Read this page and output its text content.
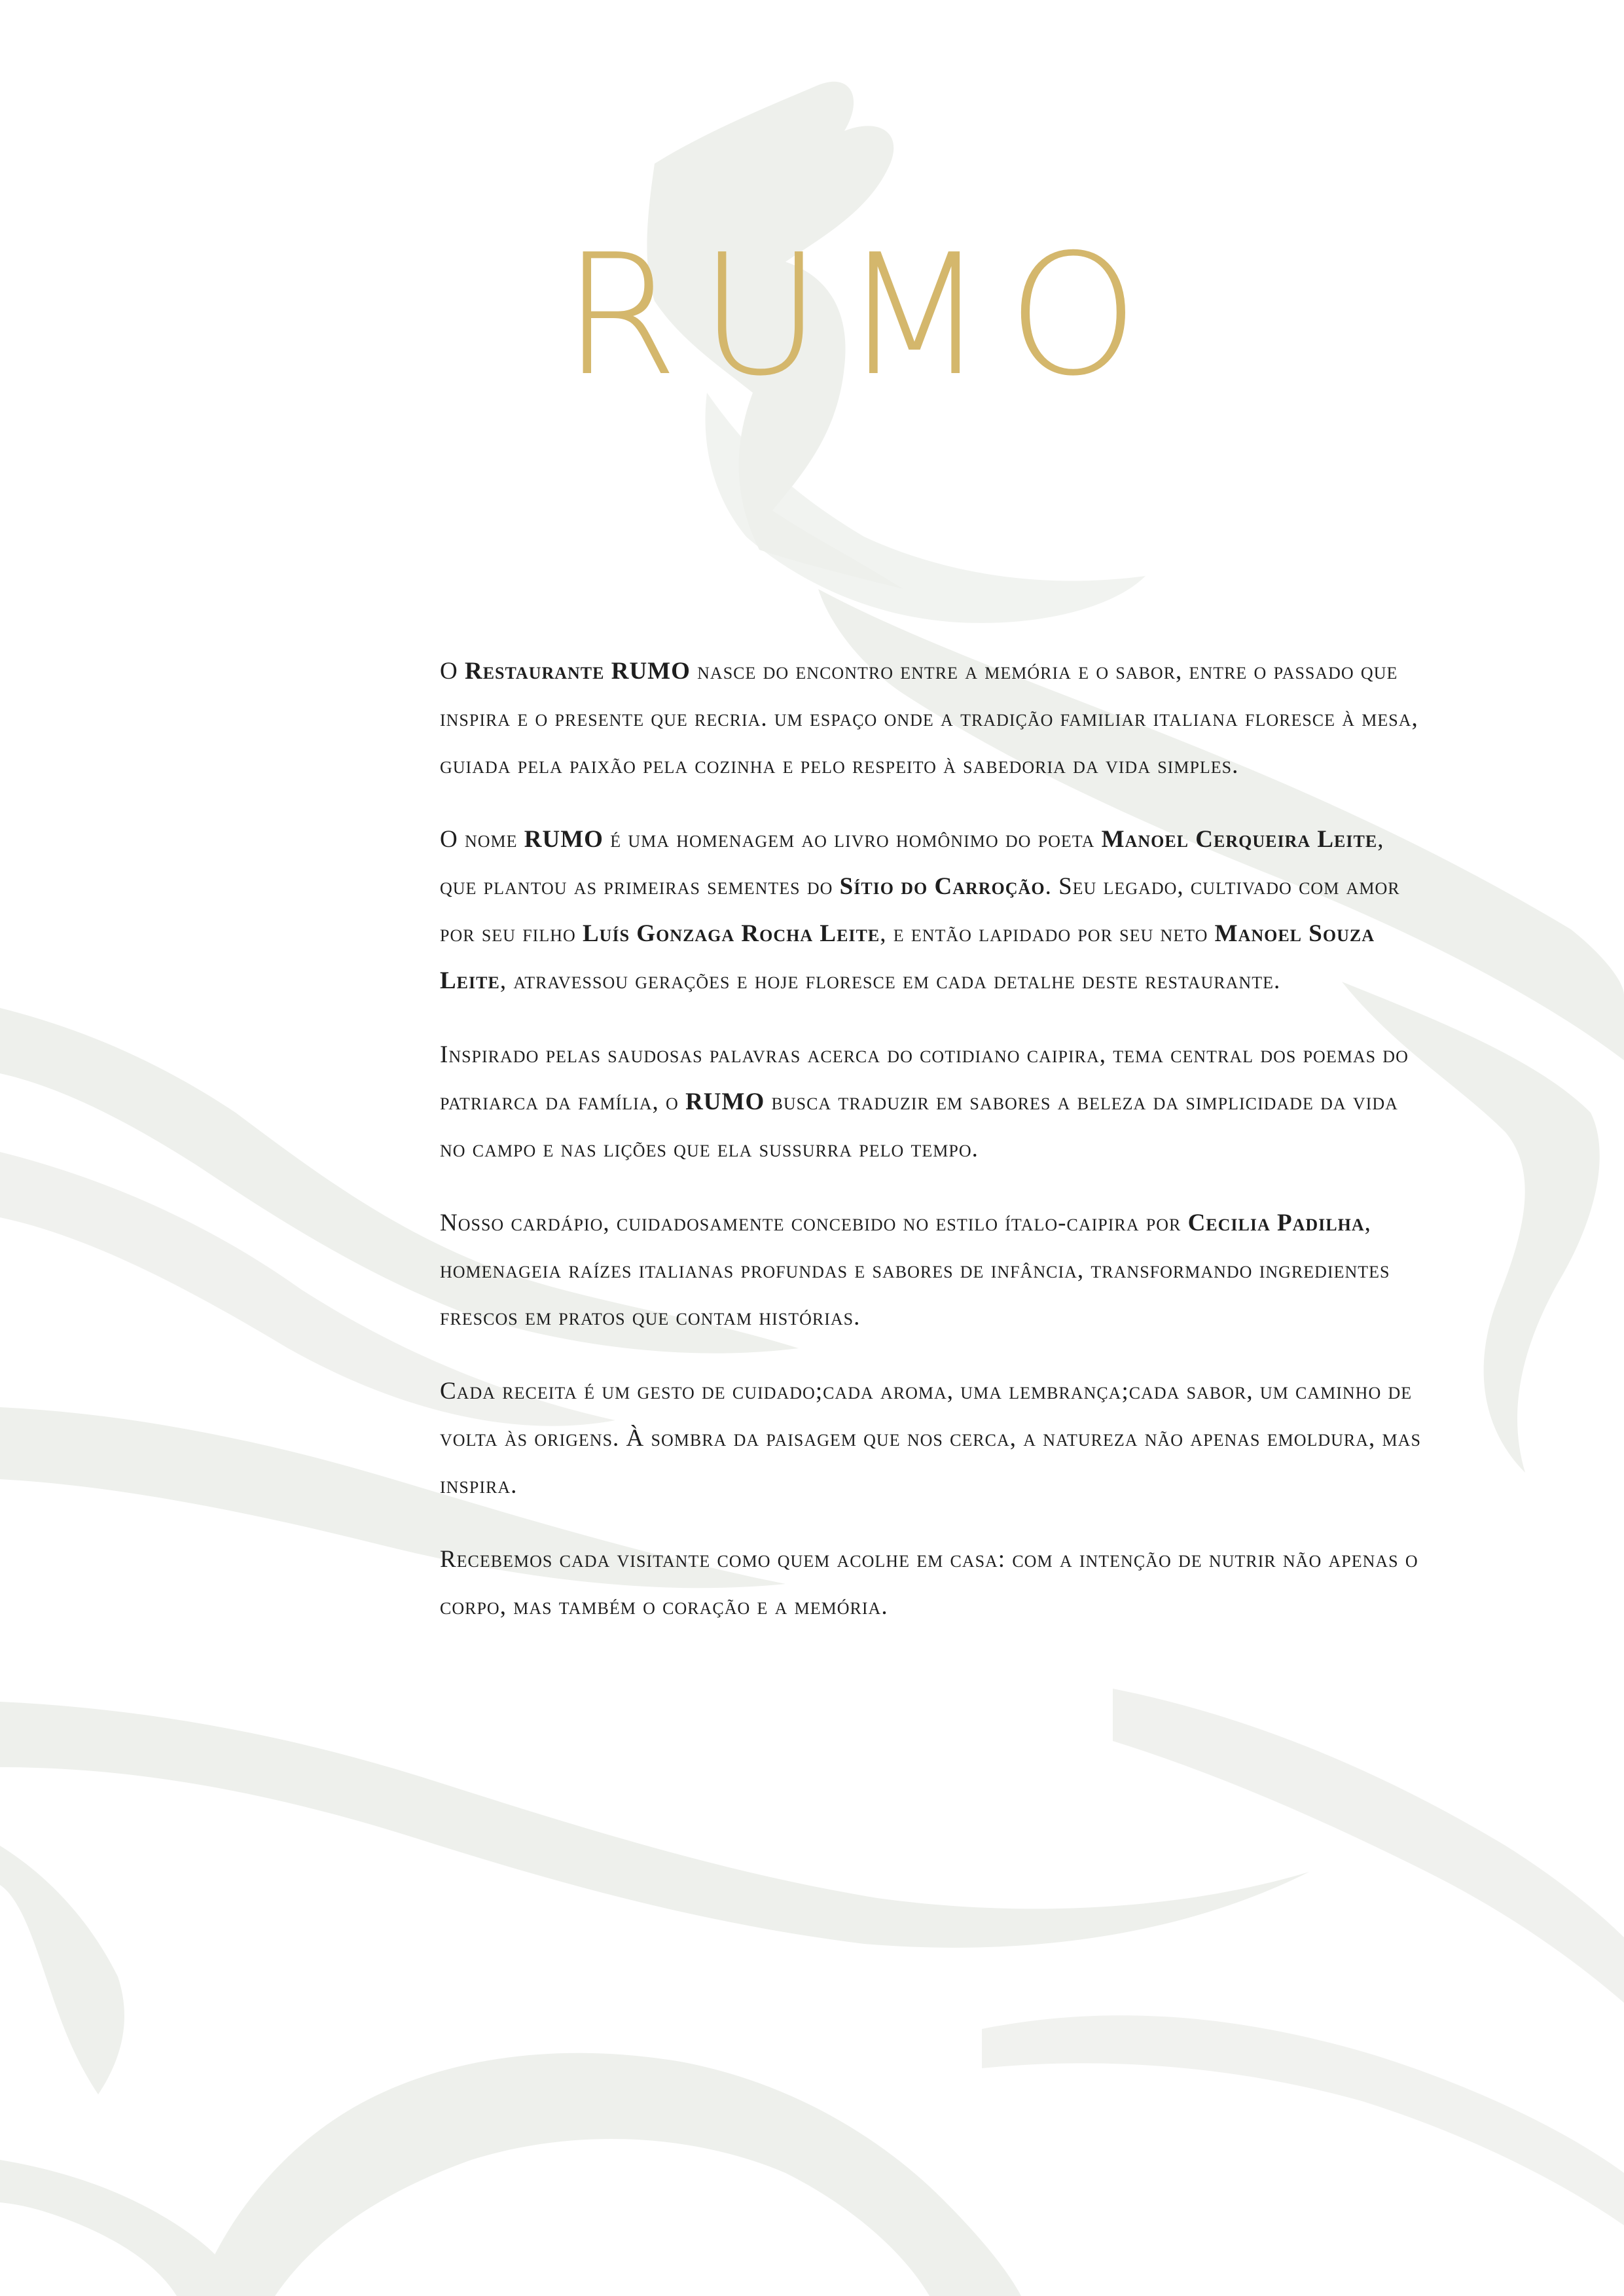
RUMO

O Restaurante RUMO nasce do encontro entre a memória e o sabor, entre o passado que inspira e o presente que recria. um espaço onde a tradição familiar italiana floresce à mesa, guiada pela paixão pela cozinha e pelo respeito à sabedoria da vida simples.

O nome RUMO é uma homenagem ao livro homônimo do poeta Manoel Cerqueira Leite, que plantou as primeiras sementes do Sítio do Carroção. Seu legado, cultivado com amor por seu filho Luís Gonzaga Rocha Leite, e então lapidado por seu neto Manoel Souza Leite, atravessou gerações e hoje floresce em cada detalhe deste restaurante.

Inspirado pelas saudosas palavras acerca do cotidiano caipira, tema central dos poemas do patriarca da família, o RUMO busca traduzir em sabores a beleza da simplicidade da vida no campo e nas lições que ela sussurra pelo tempo.

Nosso cardápio, cuidadosamente concebido no estilo ítalo-caipira por Cecilia Padilha, homenageia raízes italianas profundas e sabores de infância, transformando ingredientes frescos em pratos que contam histórias.

Cada receita é um gesto de cuidado;cada aroma, uma lembrança;cada sabor, um caminho de volta às origens. À sombra da paisagem que nos cerca, a natureza não apenas emoldura, mas inspira.

Recebemos cada visitante como quem acolhe em casa: com a intenção de nutrir não apenas o corpo, mas também o coração e a memória.
